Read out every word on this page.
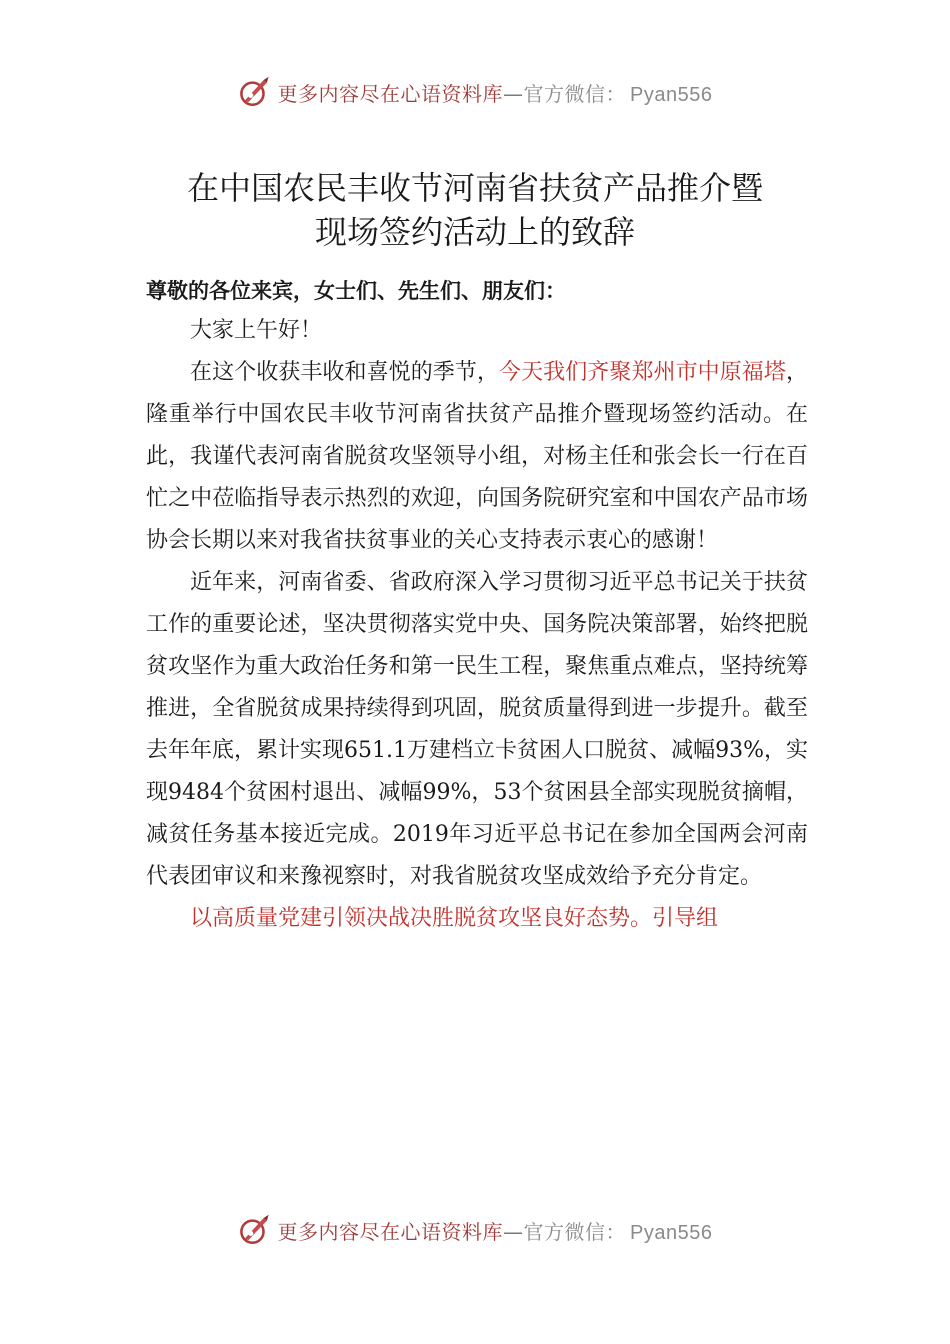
更多内容尽在心语资料库—官方微信： Pyan556
在中国农民丰收节河南省扶贫产品推介暨
现场签约活动上的致辞
尊敬的各位来宾，女士们、先生们、朋友们：

大家上午好！

在这个收获丰收和喜悦的季节，今天我们齐聚郑州市中原福塔，隆重举行中国农民丰收节河南省扶贫产品推介暨现场签约活动。在此，我谨代表河南省脱贫攻坚领导小组，对杨主任和张会长一行在百忙之中莅临指导表示热烈的欢迎，向国务院研究室和中国农产品市场协会长期以来对我省扶贫事业的关心支持表示衷心的感谢！

近年来，河南省委、省政府深入学习贯彻习近平总书记关于扶贫工作的重要论述，坚决贯彻落实党中央、国务院决策部署，始终把脱贫攻坚作为重大政治任务和第一民生工程，聚焦重点难点，坚持统筹推进，全省脱贫成果持续得到巩固，脱贫质量得到进一步提升。截至去年年底，累计实现651.1万建档立卡贫困人口脱贫、减幅93%，实现9484个贫困村退出、减幅99%，53个贫困县全部实现脱贫摘帽，减贫任务基本接近完成。2019年习近平总书记在参加全国两会河南代表团审议和来豫视察时，对我省脱贫攻坚成效给予充分肯定。

以高质量党建引领决战决胜脱贫攻坚良好态势。引导组

更多内容尽在心语资料库—官方微信： Pyan556
